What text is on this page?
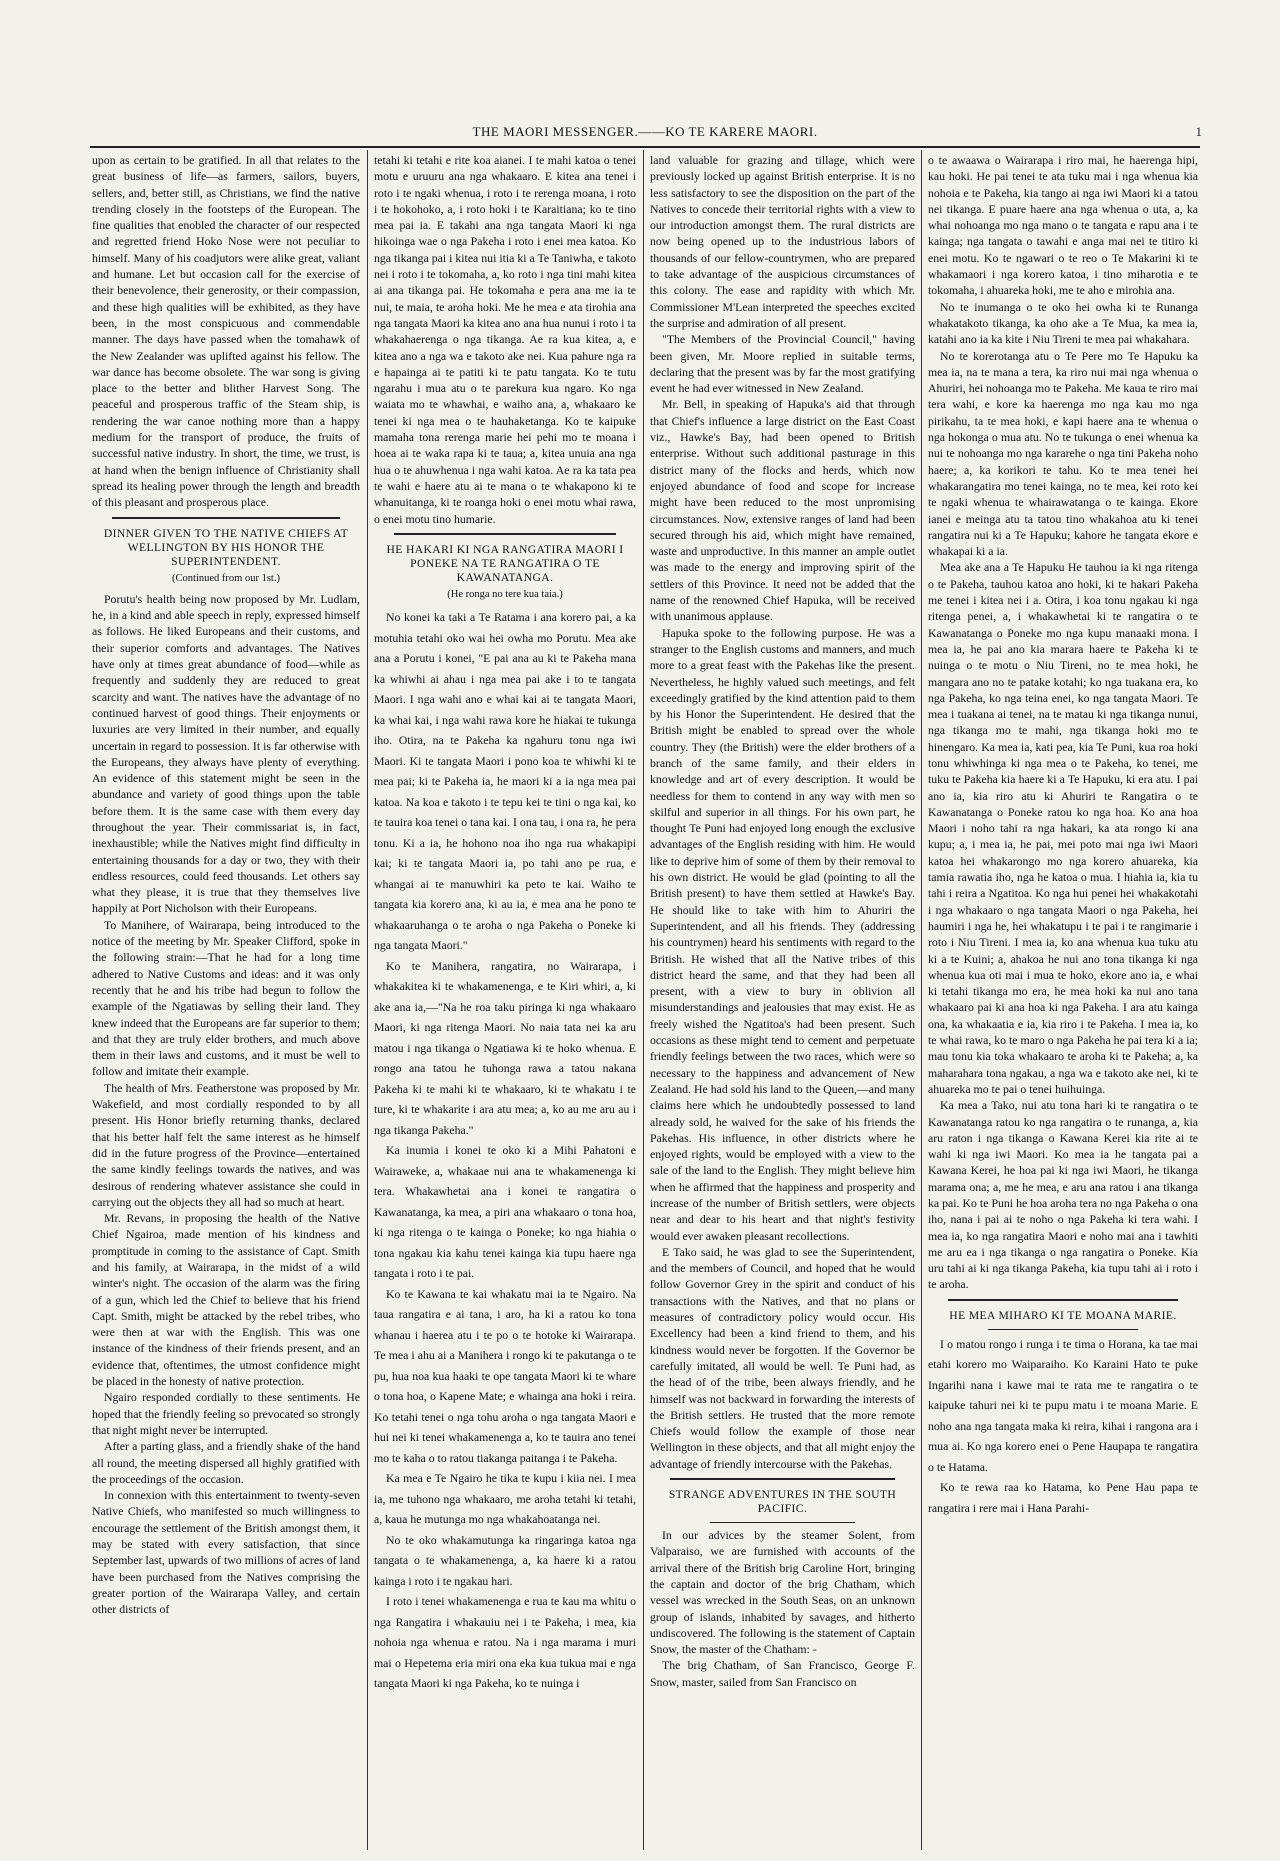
THE MAORI MESSENGER.——KO TE KARERE MAORI.	1

upon as certain to be gratified. In all that relates to the great business of life—as farmers, sailors, buyers, sellers, and, better still, as Christians, we find the native trending closely in the footsteps of the European. The fine qualities that enobled the character of our respected and regretted friend Hoko Nose were not peculiar to himself. Many of his coadjutors were alike great, valiant and humane. Let but occasion call for the exercise of their benevolence, their generosity, or their compassion, and these high qualities will be exhibited, as they have been, in the most conspicuous and commendable manner. The days have passed when the tomahawk of the New Zealander was uplifted against his fellow. The war dance has become obsolete. The war song is giving place to the better and blither Harvest Song. The peaceful and prosperous traffic of the Steam ship, is rendering the war canoe nothing more than a happy medium for the transport of produce, the fruits of successful native industry. In short, the time, we trust, is at hand when the benign influence of Christianity shall spread its healing power through the length and breadth of this pleasant and prosperous place.

DINNER GIVEN TO THE NATIVE CHIEFS AT WELLINGTON BY HIS HONOR THE SUPERINTENDENT.
(Continued from our 1st.)

Porutu's health being now proposed by Mr. Ludlam, he, in a kind and able speech in reply, expressed himself as follows. He liked Europeans and their customs, and their superior comforts and advantages. The Natives have only at times great abundance of food—while as frequently and suddenly they are reduced to great scarcity and want. The natives have the advantage of no continued harvest of good things. Their enjoyments or luxuries are very limited in their number, and equally uncertain in regard to possession. It is far otherwise with the Europeans, they always have plenty of everything. An evidence of this statement might be seen in the abundance and variety of good things upon the table before them. It is the same case with them every day throughout the year. Their commissariat is, in fact, inexhaustible; while the Natives might find difficulty in entertaining thousands for a day or two, they with their endless resources, could feed thousands. Let others say what they please, it is true that they themselves live happily at Port Nicholson with their Europeans.

To Manihere, of Wairarapa, being introduced to the notice of the meeting by Mr. Speaker Clifford, spoke in the following strain:—That he had for a long time adhered to Native Customs and ideas: and it was only recently that he and his tribe had begun to follow the example of the Ngatiawas by selling their land. They knew indeed that the Europeans are far superior to them; and that they are truly elder brothers, and much above them in their laws and customs, and it must be well to follow and imitate their example.

The health of Mrs. Featherstone was proposed by Mr. Wakefield, and most cordially responded to by all present. His Honor briefly returning thanks, declared that his better half felt the same interest as he himself did in the future progress of the Province—entertained the same kindly feelings towards the natives, and was desirous of rendering whatever assistance she could in carrying out the objects they all had so much at heart.

Mr. Revans, in proposing the health of the Native Chief Ngairoa, made mention of his kindness and promptitude in coming to the assistance of Capt. Smith and his family, at Wairarapa, in the midst of a wild winter's night. The occasion of the alarm was the firing of a gun, which led the Chief to believe that his friend Capt. Smith, might be attacked by the rebel tribes, who were then at war with the English. This was one instance of the kindness of their friends present, and an evidence that, oftentimes, the utmost confidence might be placed in the honesty of native protection.

Ngairo responded cordially to these sentiments. He hoped that the friendly feeling so prevocated so strongly that night might never be interrupted.

After a parting glass, and a friendly shake of the hand all round, the meeting dispersed all highly gratified with the proceedings of the occasion.

In connexion with this entertainment to twenty-seven Native Chiefs, who manifested so much willingness to encourage the settlement of the British amongst them, it may be stated with every satisfaction, that since September last, upwards of two millions of acres of land have been purchased from the Natives comprising the greater portion of the Wairarapa Valley, and certain other districts of

tetahi ki tetahi e rite koa aianei. I te mahi katoa o tenei motu e uruuru ana nga whakaaro. E kitea ana tenei i roto i te ngaki whenua, i roto i te rerenga moana, i roto i te hokohoko, a, i roto hoki i te Karaitiana; ko te tino mea pai ia. E takahi ana nga tangata Maori ki nga hikoinga wae o nga Pakeha i roto i enei mea katoa. Ko nga tikanga pai i kitea nui itia ki a Te Taniwha, e takoto nei i roto i te tokomaha, a, ko roto i nga tini mahi kitea ai ana tikanga pai. He tokomaha e pera ana me ia te nui, te maia, te aroha hoki. Me he mea e ata tirohia ana nga tangata Maori ka kitea ano ana hua nunui i roto i ta whakahaerenga o nga tikanga. Ae ra kua kitea, a, e kitea ano a nga wa e takoto ake nei. Kua pahure nga ra e hapainga ai te patiti ki te patu tangata. Ko te tutu ngarahu i mua atu o te parekura kua ngaro. Ko nga waiata mo te whawhai, e waiho ana, a, whakaaro ke tenei ki nga mea o te hauhaketanga. Ko te kaipuke mamaha tona rerenga marie hei pehi mo te moana i hoea ai te waka rapa ki te taua; a, kitea unuia ana nga hua o te ahuwhenua i nga wahi katoa. Ae ra ka tata pea te wahi e haere atu ai te mana o te whakapono ki te whanuitanga, ki te roanga hoki o enei motu whai rawa, o enei motu tino humarie.

HE HAKARI KI NGA RANGATIRA MAORI I PONEKE NA TE RANGATIRA O TE KAWANATANGA.
(He ronga no tere kua taia.)

No konei ka taki a Te Ratama i ana korero pai, a ka motuhia tetahi oko wai hei owha mo Porutu. Mea ake ana a Porutu i konei, "E pai ana au ki te Pakeha mana ka whiwhi ai ahau i nga mea pai ake i to te tangata Maori. I nga wahi ano e whai kai ai te tangata Maori, ka whai kai, i nga wahi rawa kore he hiakai te tukunga iho. Otira, na te Pakeha ka ngahuru tonu nga iwi Maori. Ki te tangata Maori i pono koa te whiwhi ki te mea pai; ki te Pakeha ia, he maori ki a ia nga mea pai katoa. Na koa e takoto i te tepu kei te tini o nga kai, ko te tauira koa tenei o tana kai. I ona tau, i ona ra, he pera tonu. Ki a ia, he hohono noa iho nga rua whakapipi kai; ki te tangata Maori ia, po tahi ano pe rua, e whangai ai te manuwhiri ka peto te kai. Waiho te tangata kia korero ana, ki au ia, e mea ana he pono te whakaaruhanga o te aroha o nga Pakeha o Poneke ki nga tangata Maori."

Ko te Manihera, rangatira, no Wairarapa, i whakakitea ki te whakamenenga, e te Kiri whiri, a, ki ake ana ia,—"Na he roa taku piringa ki nga whakaaro Maori, ki nga ritenga Maori. No naia tata nei ka aru matou i nga tikanga o Ngatiawa ki te hoko whenua. E rongo ana tatou he tuhonga rawa a tatou nakana Pakeha ki te mahi ki te whakaaro, ki te whakatu i te ture, ki te whakarite i ara atu mea; a, ko au me aru au i nga tikanga Pakeha."

Ka inumia i konei te oko ki a Mihi Pahatoni e Wairaweke, a, whakaae nui ana te whakamenenga ki tera. Whakawhetai ana i konei te rangatira o Kawanatanga, ka mea, a piri ana whakaaro o tona hoa, ki nga ritenga o te kainga o Poneke; ko nga hiahia o tona ngakau kia kahu tenei kainga kia tupu haere nga tangata i roto i te pai.

Ko te Kawana te kai whakatu mai ia te Ngairo. Na taua rangatira e ai tana, i aro, ha ki a ratou ko tona whanau i haerea atu i te po o te hotoke ki Wairarapa. Te mea i ahu ai a Manihera i rongo ki te pakutanga o te pu, hua noa kua haaki te ope tangata Maori ki te whare o tona hoa, o Kapene Mate; e whainga ana hoki i reira. Ko tetahi tenei o nga tohu aroha o nga tangata Maori e hui nei ki tenei whakamenenga a, ko te tauira ano tenei mo te kaha o to ratou tiakanga paitanga i te Pakeha.

Ka mea e Te Ngairo he tika te kupu i kiia nei. I mea ia, me tuhono nga whakaaro, me aroha tetahi ki tetahi, a, kaua he mutunga mo nga whakahoatanga nei.

No te oko whakamutunga ka ringaringa katoa nga tangata o te whakamenenga, a, ka haere ki a ratou kainga i roto i te ngakau hari.

I roto i tenei whakamenenga e rua te kau ma whitu o nga Rangatira i whakauiu nei i te Pakeha, i mea, kia nohoia nga whenua e ratou. Na i nga marama i muri mai o Hepetema eria miri ona eka kua tukua mai e nga tangata Maori ki nga Pakeha, ko te nuinga i

land valuable for grazing and tillage, which were previously locked up against British enterprise. It is no less satisfactory to see the disposition on the part of the Natives to concede their territorial rights with a view to our introduction amongst them. The rural districts are now being opened up to the industrious labors of thousands of our fellow-countrymen, who are prepared to take advantage of the auspicious circumstances of this colony. The ease and rapidity with which Mr. Commissioner M'Lean interpreted the speeches excited the surprise and admiration of all present.

"The Members of the Provincial Council," having been given, Mr. Moore replied in suitable terms, declaring that the present was by far the most gratifying event he had ever witnessed in New Zealand.

Mr. Bell, in speaking of Hapuka's aid that through that Chief's influence a large district on the East Coast viz., Hawke's Bay, had been opened to British enterprise. Without such additional pasturage in this district many of the flocks and herds, which now enjoyed abundance of food and scope for increase might have been reduced to the most unpromising circumstances. Now, extensive ranges of land had been secured through his aid, which might have remained, waste and unproductive. In this manner an ample outlet was made to the energy and improving spirit of the settlers of this Province. It need not be added that the name of the renowned Chief Hapuka, will be received with unanimous applause.

Hapuka spoke to the following purpose. He was a stranger to the English customs and manners, and much more to a great feast with the Pakehas like the present. Nevertheless, he highly valued such meetings, and felt exceedingly gratified by the kind attention paid to them by his Honor the Superintendent. He desired that the British might be enabled to spread over the whole country. They (the British) were the elder brothers of a branch of the same family, and their elders in knowledge and art of every description. It would be needless for them to contend in any way with men so skilful and superior in all things. For his own part, he thought Te Puni had enjoyed long enough the exclusive advantages of the English residing with him. He would like to deprive him of some of them by their removal to his own district. He would be glad (pointing to all the British present) to have them settled at Hawke's Bay. He should like to take with him to Ahuriri the Superintendent, and all his friends. They (addressing his countrymen) heard his sentiments with regard to the British. He wished that all the Native tribes of this district heard the same, and that they had been all present, with a view to bury in oblivion all misunderstandings and jealousies that may exist. He as freely wished the Ngatitoa's had been present. Such occasions as these might tend to cement and perpetuate friendly feelings between the two races, which were so necessary to the happiness and advancement of New Zealand. He had sold his land to the Queen,—and many claims here which he undoubtedly possessed to land already sold, he waived for the sake of his friends the Pakehas. His influence, in other districts where he enjoyed rights, would be employed with a view to the sale of the land to the English. They might believe him when he affirmed that the happiness and prosperity and increase of the number of British settlers, were objects near and dear to his heart and that night's festivity would ever awaken pleasant recollections.

E Tako said, he was glad to see the Superintendent, and the members of Council, and hoped that he would follow Governor Grey in the spirit and conduct of his transactions with the Natives, and that no plans or measures of contradictory policy would occur. His Excellency had been a kind friend to them, and his kindness would never be forgotten. If the Governor be carefully imitated, all would be well. Te Puni had, as the head of of the tribe, been always friendly, and he himself was not backward in forwarding the interests of the British settlers. He trusted that the more remote Chiefs would follow the example of those near Wellington in these objects, and that all might enjoy the advantage of friendly intercourse with the Pakehas.

STRANGE ADVENTURES IN THE SOUTH PACIFIC.

In our advices by the steamer Solent, from Valparaiso, we are furnished with accounts of the arrival there of the British brig Caroline Hort, bringing the captain and doctor of the brig Chatham, which vessel was wrecked in the South Seas, on an unknown group of islands, inhabited by savages, and hitherto undiscovered. The following is the statement of Captain Snow, the master of the Chatham: -

The brig Chatham, of San Francisco, George F. Snow, master, sailed from San Francisco on

o te awaawa o Wairarapa i riro mai, he haerenga hipi, kau hoki. He pai tenei te ata tuku mai i nga whenua kia nohoia e te Pakeha, kia tango ai nga iwi Maori ki a tatou nei tikanga. E puare haere ana nga whenua o uta, a, ka whai nohoanga mo nga mano o te tangata e rapu ana i te kainga; nga tangata o tawahi e anga mai nei te titiro ki enei motu. Ko te ngawari o te reo o Te Makarini ki te whakamaori i nga korero katoa, i tino miharotia e te tokomaha, i ahuareka hoki, me te aho e mirohia ana.

No te inumanga o te oko hei owha ki te Runanga whakatakoto tikanga, ka oho ake a Te Mua, ka mea ia, katahi ano ia ka kite i Niu Tireni te mea pai whakahara.

No te korerotanga atu o Te Pere mo Te Hapuku ka mea ia, na te mana a tera, ka riro nui mai nga whenua o Ahuriri, hei nohoanga mo te Pakeha. Me kaua te riro mai tera wahi, e kore ka haerenga mo nga kau mo nga pirikahu, ta te mea hoki, e kapi haere ana te whenua o nga hokonga o mua atu. No te tukunga o enei whenua ka nui te nohoanga mo nga kararehe o nga tini Pakeha noho haere; a, ka korikori te tahu. Ko te mea tenei hei whakarangatira mo tenei kainga, no te mea, kei roto kei te ngaki whenua te whairawatanga o te kainga. Ekore ianei e meinga atu ta tatou tino whakahoa atu ki tenei rangatira nui ki a Te Hapuku; kahore he tangata ekore e whakapai ki a ia.

Mea ake ana a Te Hapuku He tauhou ia ki nga ritenga o te Pakeha, tauhou katoa ano hoki, ki te hakari Pakeha me tenei i kitea nei i a. Otira, i koa tonu ngakau ki nga ritenga penei, a, i whakawhetai ki te rangatira o te Kawanatanga o Poneke mo nga kupu manaaki mona. I mea ia, he pai ano kia marara haere te Pakeha ki te nuinga o te motu o Niu Tireni, no te mea hoki, he mangara ano no te patake kotahi; ko nga tuakana era, ko nga Pakeha, ko nga teina enei, ko nga tangata Maori. Te mea i tuakana ai tenei, na te matau ki nga tikanga nunui, nga tikanga mo te mahi, nga tikanga hoki mo te hinengaro. Ka mea ia, kati pea, kia Te Puni, kua roa hoki tonu whiwhinga ki nga mea o te Pakeha, ko tenei, me tuku te Pakeha kia haere ki a Te Hapuku, ki era atu. I pai ano ia, kia riro atu ki Ahuriri te Rangatira o te Kawanatanga o Poneke ratou ko nga hoa. Ko ana hoa Maori i noho tahi ra nga hakari, ka ata rongo ki ana kupu; a, i mea ia, he pai, mei poto mai nga iwi Maori katoa hei whakarongo mo nga korero ahuareka, kia tamia rawatia iho, nga he katoa o mua. I hiahia ia, kia tu tahi i reira a Ngatitoa. Ko nga hui penei hei whakakotahi i nga whakaaro o nga tangata Maori o nga Pakeha, hei haumiri i nga he, hei whakatupu i te pai i te rangimarie i roto i Niu Tireni. I mea ia, ko ana whenua kua tuku atu ki a te Kuini; a, ahakoa he nui ano tona tikanga ki nga whenua kua oti mai i mua te hoko, ekore ano ia, e whai ki tetahi tikanga mo era, he mea hoki ka nui ano tana whakaaro pai ki ana hoa ki nga Pakeha. I ara atu kainga ona, ka whakaatia e ia, kia riro i te Pakeha. I mea ia, ko te whai rawa, ko te maro o nga Pakeha he pai tera ki a ia; mau tonu kia toka whakaaro te aroha ki te Pakeha; a, ka maharahara tona ngakau, a nga wa e takoto ake nei, ki te ahuareka mo te pai o tenei huihuinga.

Ka mea a Tako, nui atu tona hari ki te rangatira o te Kawanatanga ratou ko nga rangatira o te runanga, a, kia aru raton i nga tikanga o Kawana Kerei kia rite ai te wahi ki nga iwi Maori. Ko mea ia he tangata pai a Kawana Kerei, he hoa pai ki nga iwi Maori, he tikanga marama ona; a, me he mea, e aru ana ratou i ana tikanga ka pai. Ko te Puni he hoa aroha tera no nga Pakeha o ona iho, nana i pai ai te noho o nga Pakeha ki tera wahi. I mea ia, ko nga rangatira Maori e noho mai ana i tawhiti me aru ea i nga tikanga o nga rangatira o Poneke. Kia uru tahi ai ki nga tikanga Pakeha, kia tupu tahi ai i roto i te aroha.

HE MEA MIHARO KI TE MOANA MARIE.

I o matou rongo i runga i te tima o Horana, ka tae mai etahi korero mo Waiparaiho. Ko Karaini Hato te puke Ingarihi nana i kawe mai te rata me te rangatira o te kaipuke tahuri nei ki te pupu matu i te moana Marie. E noho ana nga tangata maka ki reira, kihai i rangona ara i mua ai. Ko nga korero enei o Pene Haupapa te rangatira o te Hatama.

Ko te rewa raa ko Hatama, ko Pene Hau papa te rangatira i rere mai i Hana Parahi-
